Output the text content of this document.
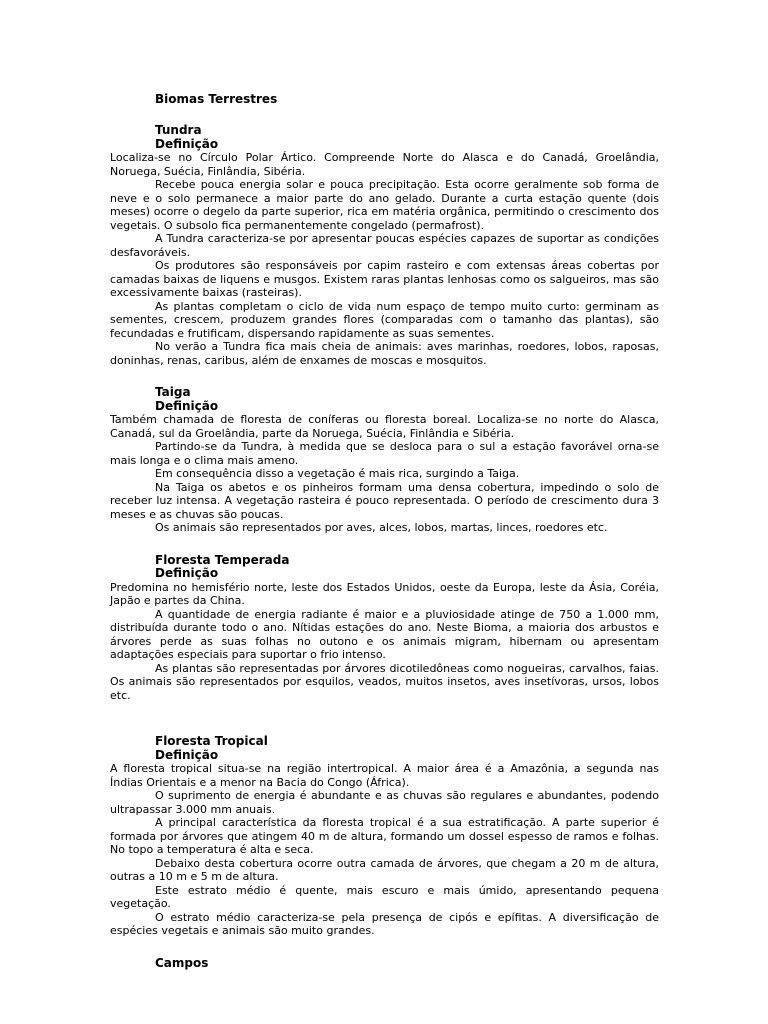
Biomas Terrestres
Tundra
Definição

Localiza-se no Círculo Polar Ártico. Compreende Norte do Alasca e do Canadá, Groelândia, Noruega, Suécia, Finlândia, Sibéria.

Recebe pouca energia solar e pouca precipitação. Esta ocorre geralmente sob forma de neve e o solo permanece a maior parte do ano gelado. Durante a curta estação quente (dois meses) ocorre o degelo da parte superior, rica em matéria orgânica, permitindo o crescimento dos vegetais. O subsolo fica permanentemente congelado (permafrost).

A Tundra caracteriza-se por apresentar poucas espécies capazes de suportar as condições desfavoráveis.

Os produtores são responsáveis por capim rasteiro e com extensas áreas cobertas por camadas baixas de liquens e musgos. Existem raras plantas lenhosas como os salgueiros, mas são excessivamente baixas (rasteiras).

As plantas completam o ciclo de vida num espaço de tempo muito curto: germinam as sementes, crescem, produzem grandes flores (comparadas com o tamanho das plantas), são fecundadas e frutificam, dispersando rapidamente as suas sementes.

No verão a Tundra fica mais cheia de animais: aves marinhas, roedores, lobos, raposas, doninhas, renas, caribus, além de enxames de moscas e mosquitos.

Taiga
Definição

Também chamada de floresta de coníferas ou floresta boreal. Localiza-se no norte do Alasca, Canadá, sul da Groelândia, parte da Noruega, Suécia, Finlândia e Sibéria.

Partindo-se da Tundra, à medida que se desloca para o sul a estação favorável orna-se mais longa e o clima mais ameno.

Em consequência disso a vegetação é mais rica, surgindo a Taiga.

Na Taiga os abetos e os pinheiros formam uma densa cobertura, impedindo o solo de receber luz intensa. A vegetação rasteira é pouco representada. O período de crescimento dura 3 meses e as chuvas são poucas.

Os animais são representados por aves, alces, lobos, martas, linces, roedores etc.

Floresta Temperada
Definição

Predomina no hemisfério norte, leste dos Estados Unidos, oeste da Europa, leste da Ásia, Coréia, Japão e partes da China.

A quantidade de energia radiante é maior e a pluviosidade atinge de 750 a 1.000 mm, distribuída durante todo o ano. Nítidas estações do ano. Neste Bioma, a maioria dos arbustos e árvores perde as suas folhas no outono e os animais migram, hibernam ou apresentam adaptações especiais para suportar o frio intenso.

As plantas são representadas por árvores dicotiledôneas como nogueiras, carvalhos, faias. Os animais são representados por esquilos, veados, muitos insetos, aves insetívoras, ursos, lobos etc.

Floresta Tropical
Definição

A floresta tropical situa-se na região intertropical. A maior área é a Amazônia, a segunda nas Índias Orientais e a menor na Bacia do Congo (África).

O suprimento de energia é abundante e as chuvas são regulares e abundantes, podendo ultrapassar 3.000 mm anuais.

A principal característica da floresta tropical é a sua estratificação. A parte superior é formada por árvores que atingem 40 m de altura, formando um dossel espesso de ramos e folhas. No topo a temperatura é alta e seca.

Debaixo desta cobertura ocorre outra camada de árvores, que chegam a 20 m de altura, outras a 10 m e 5 m de altura.

Este estrato médio é quente, mais escuro e mais úmido, apresentando pequena vegetação.

O estrato médio caracteriza-se pela presença de cipós e epífitas. A diversificação de espécies vegetais e animais são muito grandes.

Campos
